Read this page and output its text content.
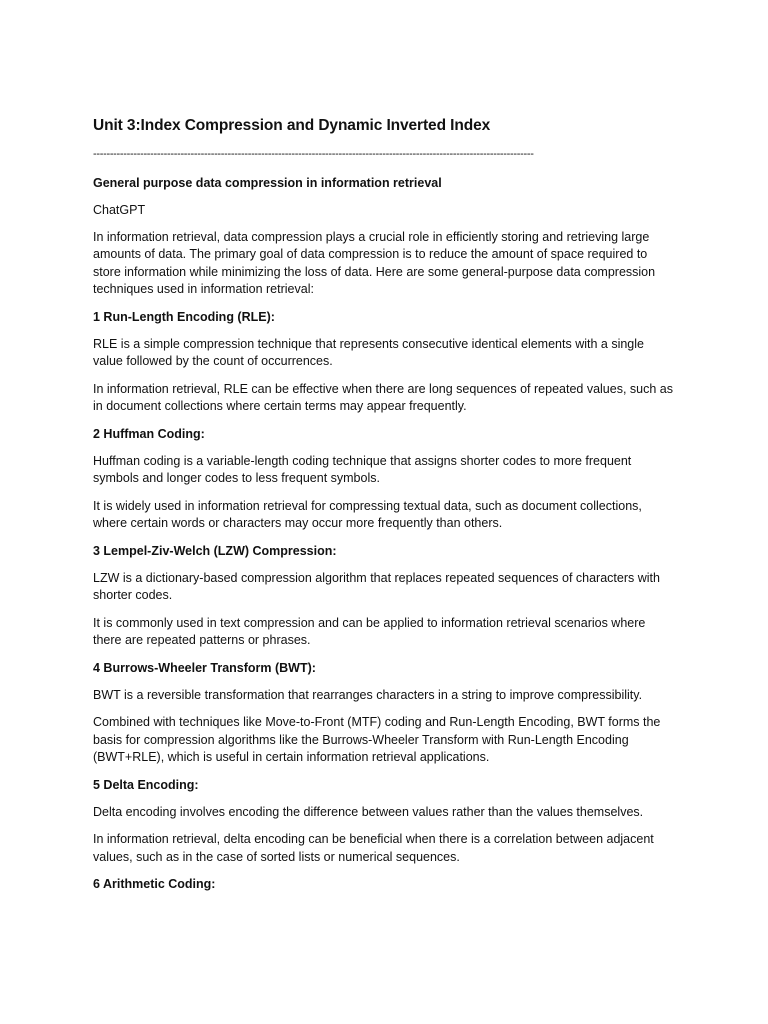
Unit 3:Index Compression and Dynamic Inverted Index
-----------------------------------------------------------------------------------------------------------------------------------

General purpose data compression in information retrieval

ChatGPT

In information retrieval, data compression plays a crucial role in efficiently storing and retrieving large amounts of data. The primary goal of data compression is to reduce the amount of space required to store information while minimizing the loss of data. Here are some general-purpose data compression techniques used in information retrieval:

1 Run-Length Encoding (RLE):

RLE is a simple compression technique that represents consecutive identical elements with a single value followed by the count of occurrences.

In information retrieval, RLE can be effective when there are long sequences of repeated values, such as in document collections where certain terms may appear frequently.

2 Huffman Coding:

Huffman coding is a variable-length coding technique that assigns shorter codes to more frequent symbols and longer codes to less frequent symbols.

It is widely used in information retrieval for compressing textual data, such as document collections, where certain words or characters may occur more frequently than others.

3 Lempel-Ziv-Welch (LZW) Compression:

LZW is a dictionary-based compression algorithm that replaces repeated sequences of characters with shorter codes.

It is commonly used in text compression and can be applied to information retrieval scenarios where there are repeated patterns or phrases.

4 Burrows-Wheeler Transform (BWT):

BWT is a reversible transformation that rearranges characters in a string to improve compressibility.

Combined with techniques like Move-to-Front (MTF) coding and Run-Length Encoding, BWT forms the basis for compression algorithms like the Burrows-Wheeler Transform with Run-Length Encoding (BWT+RLE), which is useful in certain information retrieval applications.

5 Delta Encoding:

Delta encoding involves encoding the difference between values rather than the values themselves.

In information retrieval, delta encoding can be beneficial when there is a correlation between adjacent values, such as in the case of sorted lists or numerical sequences.

6 Arithmetic Coding:
